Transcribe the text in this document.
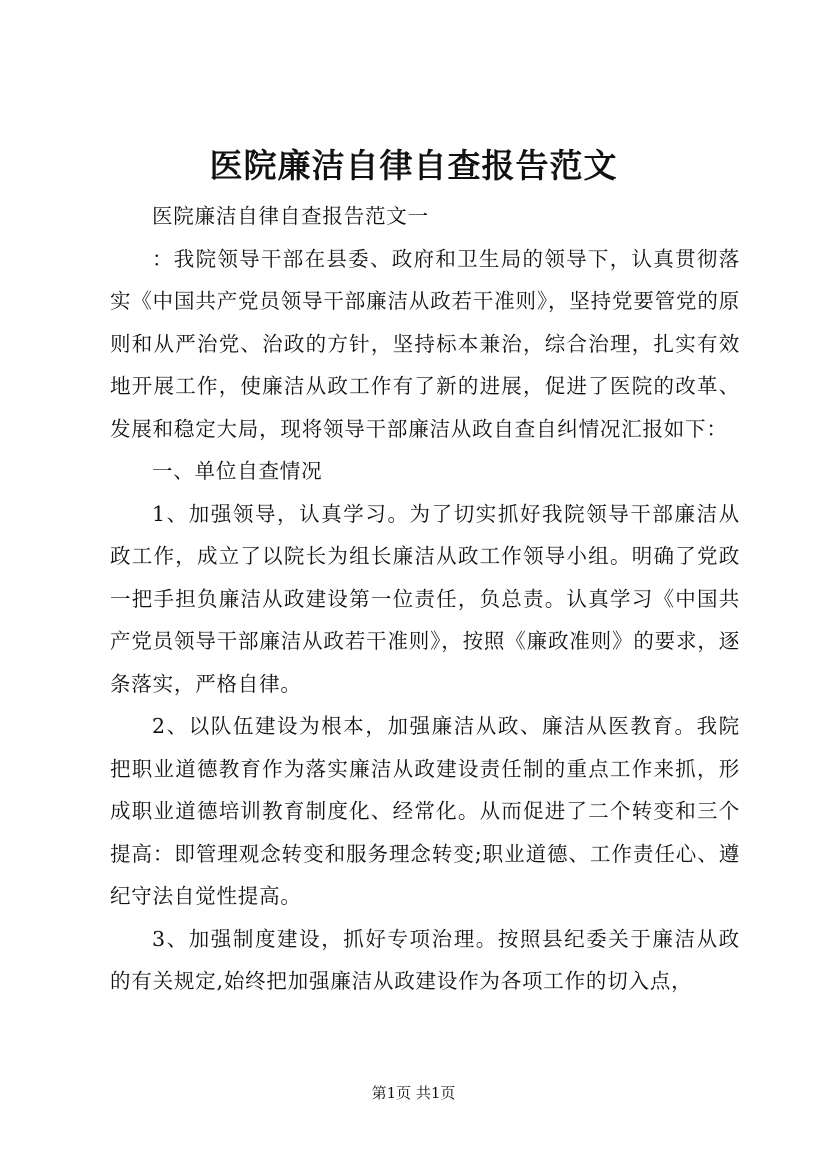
医院廉洁自律自查报告范文

医院廉洁自律自查报告范文一

：我院领导干部在县委、政府和卫生局的领导下，认真贯彻落实《中国共产党员领导干部廉洁从政若干准则》，坚持党要管党的原则和从严治党、治政的方针，坚持标本兼治，综合治理，扎实有效地开展工作，使廉洁从政工作有了新的进展，促进了医院的改革、发展和稳定大局，现将领导干部廉洁从政自查自纠情况汇报如下：

一、单位自查情况

1、加强领导，认真学习。为了切实抓好我院领导干部廉洁从政工作，成立了以院长为组长廉洁从政工作领导小组。明确了党政一把手担负廉洁从政建设第一位责任，负总责。认真学习《中国共产党员领导干部廉洁从政若干准则》，按照《廉政准则》的要求，逐条落实，严格自律。

2、以队伍建设为根本，加强廉洁从政、廉洁从医教育。我院把职业道德教育作为落实廉洁从政建设责任制的重点工作来抓，形成职业道德培训教育制度化、经常化。从而促进了二个转变和三个提高：即管理观念转变和服务理念转变;职业道德、工作责任心、遵纪守法自觉性提高。

3、加强制度建设，抓好专项治理。按照县纪委关于廉洁从政的有关规定,始终把加强廉洁从政建设作为各项工作的切入点，

第1页 共1页
